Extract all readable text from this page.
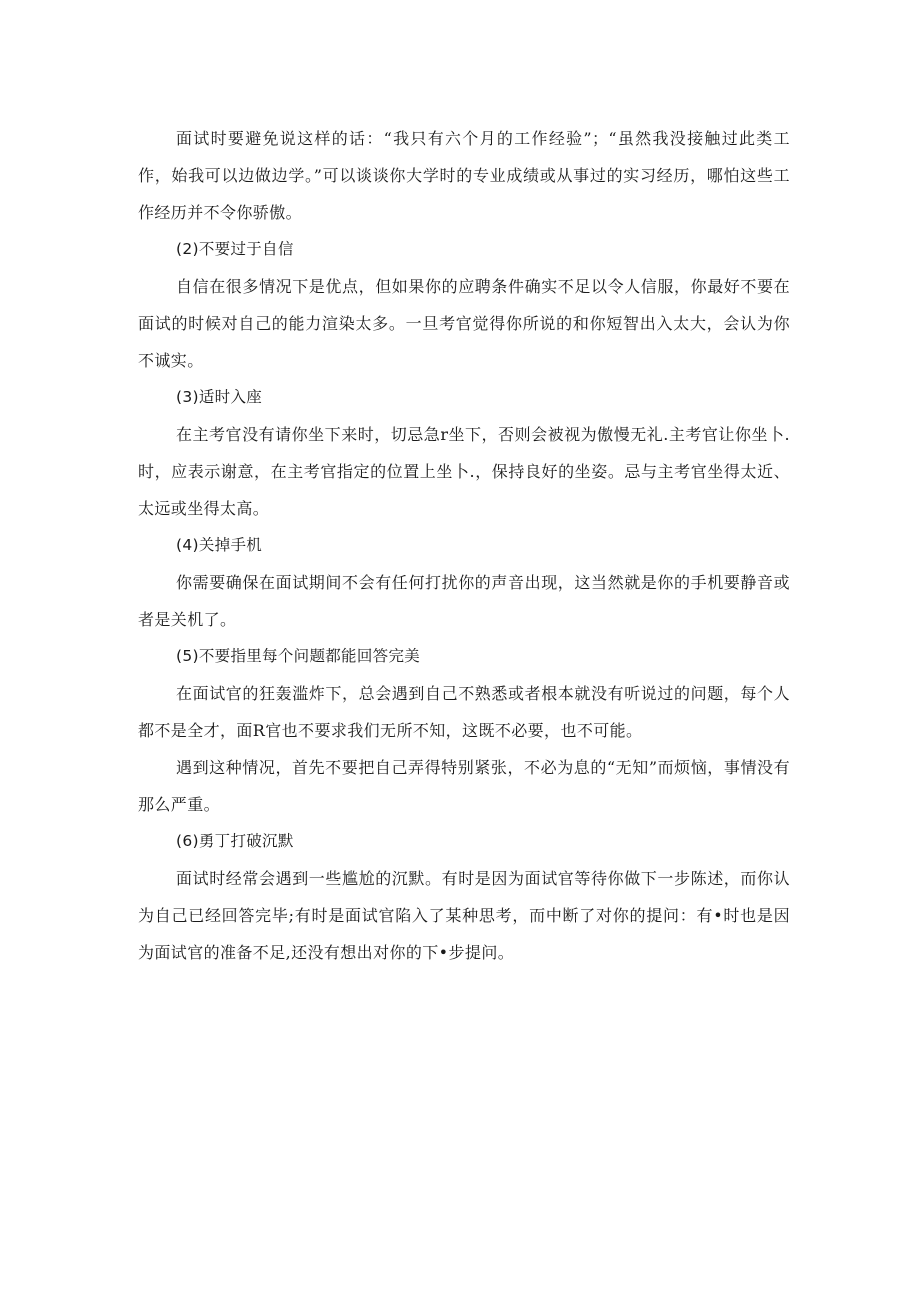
面试时要避免说这样的话：“我只有六个月的工作经验”；“虽然我没接触过此类工作，始我可以边做边学。”可以谈谈你大学时的专业成绩或从事过的实习经历，哪怕这些工作经历并不令你骄傲。

(2)不要过于自信

自信在很多情况下是优点，但如果你的应聘条件确实不足以令人信服，你最好不要在面试的时候对自己的能力渲染太多。一旦考官觉得你所说的和你短智出入太大，会认为你不诚实。

(3)适时入座

在主考官没有请你坐下来时，切忌急r坐下，否则会被视为傲慢无礼.主考官让你坐卜.时，应表示谢意，在主考官指定的位置上坐卜.，保持良好的坐姿。忌与主考官坐得太近、太远或坐得太高。

(4)关掉手机

你需要确保在面试期间不会有任何打扰你的声音出现，这当然就是你的手机要静音或者是关机了。

(5)不要指里每个问题都能回答完美

在面试官的狂轰滥炸下，总会遇到自己不熟悉或者根本就没有听说过的问题，每个人都不是全才，面R官也不要求我们无所不知，这既不必要，也不可能。

遇到这种情况，首先不要把自己弄得特别紧张，不必为息的“无知”而烦恼，事情没有那么严重。

(6)勇丁打破沉默

面试时经常会遇到一些尴尬的沉默。有时是因为面试官等待你做下一步陈述，而你认为自己已经回答完毕;有时是面试官陷入了某种思考，而中断了对你的提问：有•时也是因为面试官的准备不足,还没有想出对你的下•步提问。
